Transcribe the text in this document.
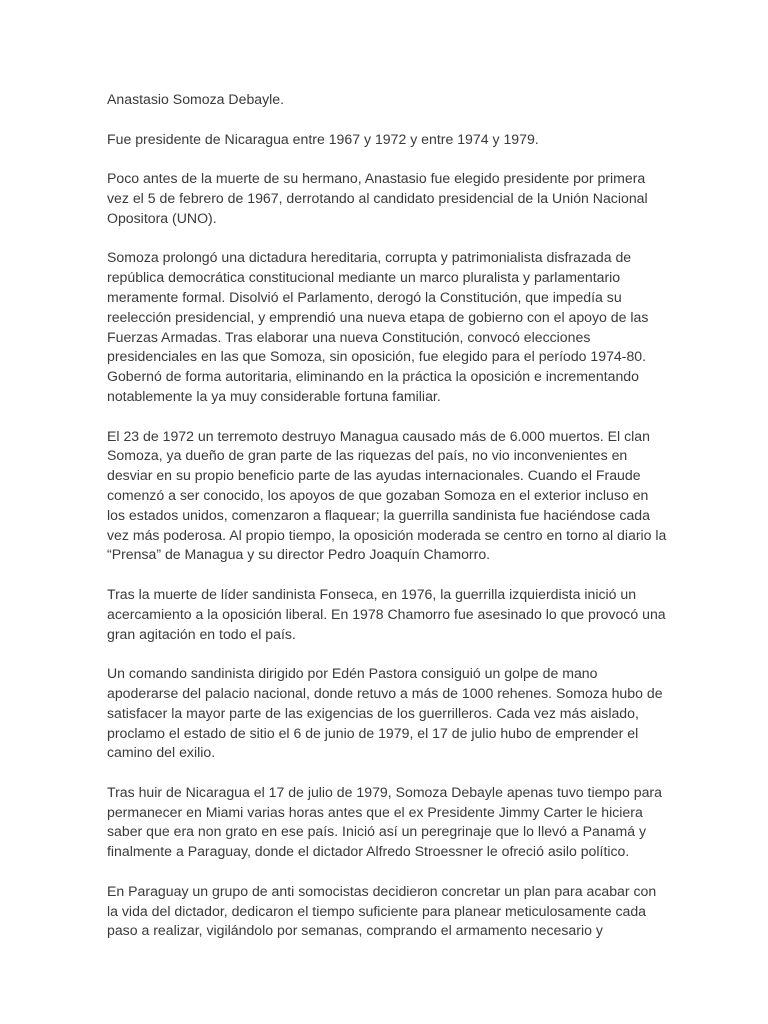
Anastasio Somoza Debayle.

Fue presidente de Nicaragua entre 1967 y 1972 y entre 1974 y 1979.

Poco antes de la muerte de su hermano, Anastasio fue elegido presidente por primera vez el 5 de febrero de 1967, derrotando al candidato presidencial de la Unión Nacional Opositora (UNO).

Somoza prolongó una dictadura hereditaria, corrupta y patrimonialista disfrazada de república democrática constitucional mediante un marco pluralista y parlamentario meramente formal. Disolvió el Parlamento, derogó la Constitución, que impedía su reelección presidencial, y emprendió una nueva etapa de gobierno con el apoyo de las Fuerzas Armadas. Tras elaborar una nueva Constitución, convocó elecciones presidenciales en las que Somoza, sin oposición, fue elegido para el período 1974-80. Gobernó de forma autoritaria, eliminando en la práctica la oposición e incrementando notablemente la ya muy considerable fortuna familiar.

El 23 de 1972 un terremoto destruyo Managua causado más de 6.000 muertos. El clan Somoza, ya dueño de gran parte de las riquezas del país, no vio inconvenientes en desviar en su propio beneficio parte de las ayudas internacionales. Cuando el Fraude comenzó a ser conocido, los apoyos de que gozaban Somoza en el exterior incluso en los estados unidos, comenzaron a flaquear; la guerrilla sandinista fue haciéndose cada vez más poderosa. Al propio tiempo, la oposición moderada se centro en torno al diario la “Prensa” de Managua y su director Pedro Joaquín Chamorro.

Tras la muerte de líder sandinista Fonseca, en 1976, la guerrilla izquierdista inició un acercamiento a la oposición liberal. En 1978 Chamorro fue asesinado lo que provocó una gran agitación en todo el país.

Un comando sandinista dirigido por Edén Pastora consiguió un golpe de mano apoderarse del palacio nacional, donde retuvo a más de 1000 rehenes. Somoza hubo de satisfacer la mayor parte de las exigencias de los guerrilleros. Cada vez más aislado, proclamo el estado de sitio el 6 de junio de 1979, el 17 de julio hubo de emprender el camino del exilio.

Tras huir de Nicaragua el 17 de julio de 1979, Somoza Debayle apenas tuvo tiempo para permanecer en Miami varias horas antes que el ex Presidente Jimmy Carter le hiciera saber que era non grato en ese país. Inició así un peregrinaje que lo llevó a Panamá y finalmente a Paraguay, donde el dictador Alfredo Stroessner le ofreció asilo político.

En Paraguay un grupo de anti somocistas decidieron concretar un plan para acabar con la vida del dictador, dedicaron el tiempo suficiente para planear meticulosamente cada paso a realizar, vigilándolo por semanas, comprando el armamento necesario y
